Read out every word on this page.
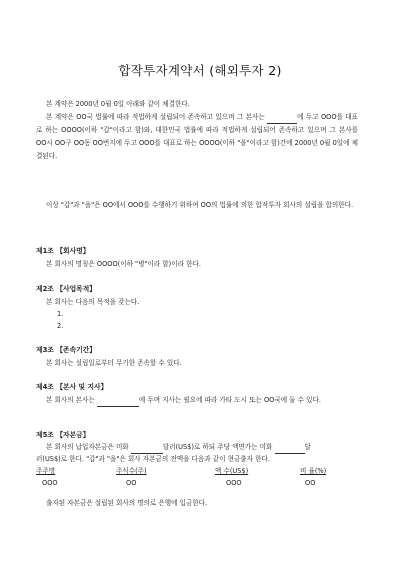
합작투자계약서 (해외투자 2)
본 계약은 2000년 0월 0일 아래와 같이 체결한다.
본 계약은 OO국 법률에 따라 적법하게 설립되어 존속하고 있으며 그 본사는	에 두고 OOO를 대표로 하는 OOOO(이하 "갑"이라고 함)와, 대한민국 법률에 따라 적법하게 설립되어 존속하고 있으며 그 본사를 OO시 OO구 OO동 OO번지에 두고 OOO를 대표로 하는 OOOO(이하 "을"이라고 함)간에 2000년 0월 0일에 체결된다.
이상 "갑"과 "을"은 OO에서 OOO를 수행하기 위하여 OO의 법률에 의한 합작투자 회사의 설립을 합의한다.
제1조 【회사명】
본 회사의 명칭은 OOOO(이하 "병"이라 함)이라 한다.
제2조 【사업목적】
본 회사는 다음의 목적을 갖는다.
1.
2.
제3조 【존속기간】
본 회사는 설립일로부터 무기한 존속할 수 있다.
제4조 【본사 및 지사】
본 회사의 본사는	에 두며 지사는 필요에 따라 가타 도시 또는 OO국에 둘 수 있다.
제5조 【자본금】
본 회사의 납입자본금은 미화	달러(US$)로 하되 주당 액면가는 미화	달
러(US$)로 한다. "갑"과 "을"은 회사 자본금의 전액을 다음과 같이 현금출자 한다.
주주명	주식수(주)	액 수(US$)	비 율(%)
OOO	OO	OOO	OO
출자된 자본금은 설립된 회사의 명의로 은행에 입금한다.
